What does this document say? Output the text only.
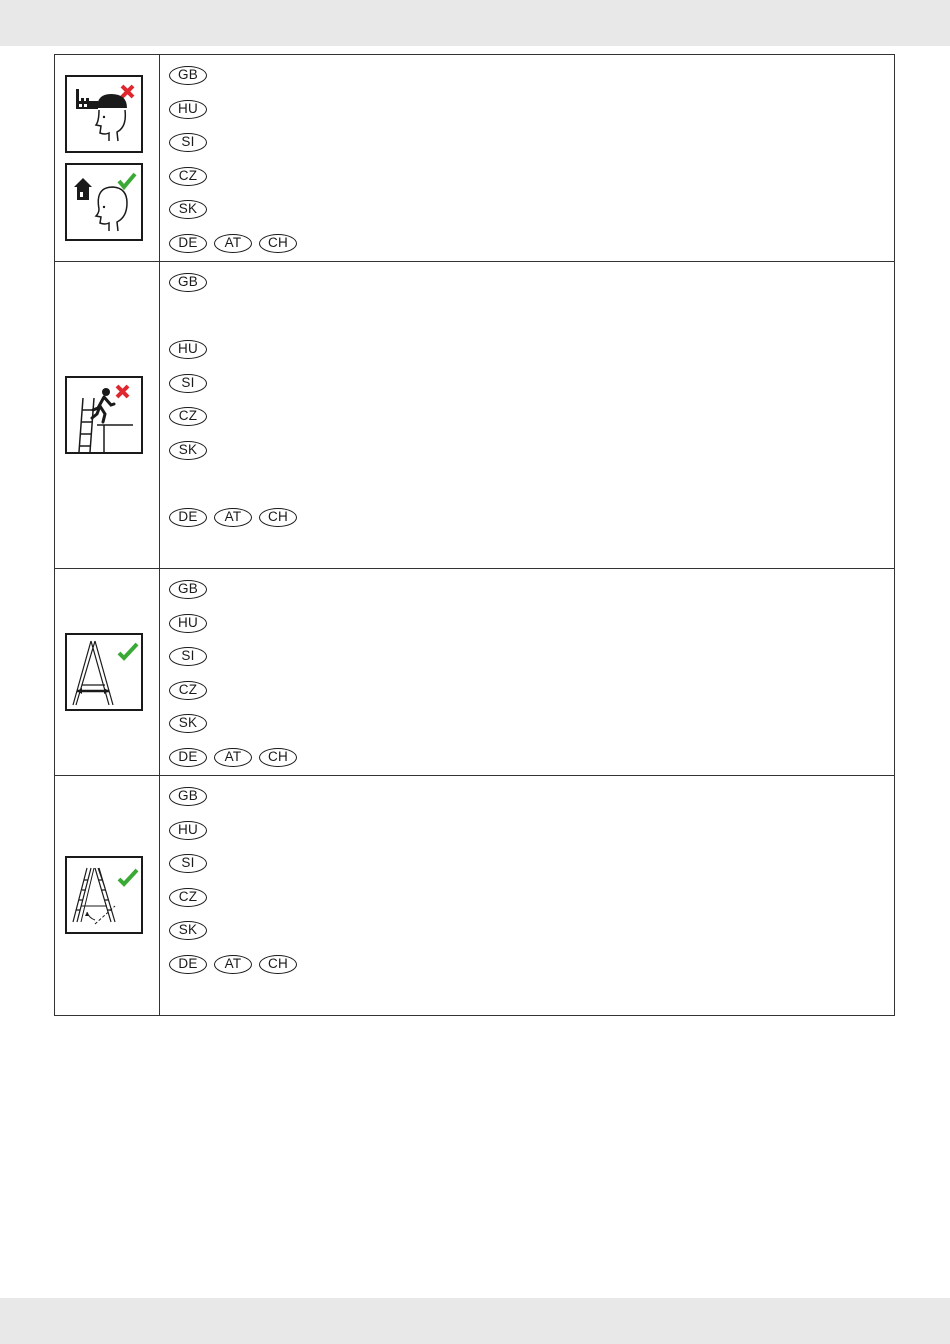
GB
HU
SI
CZ
SK
DE	AT	CH
GB
HU
SI
CZ
SK
DE	AT	CH
GB
HU
SI
CZ
SK
DE	AT	CH
GB
HU
SI
CZ
SK
DE	AT	CH
